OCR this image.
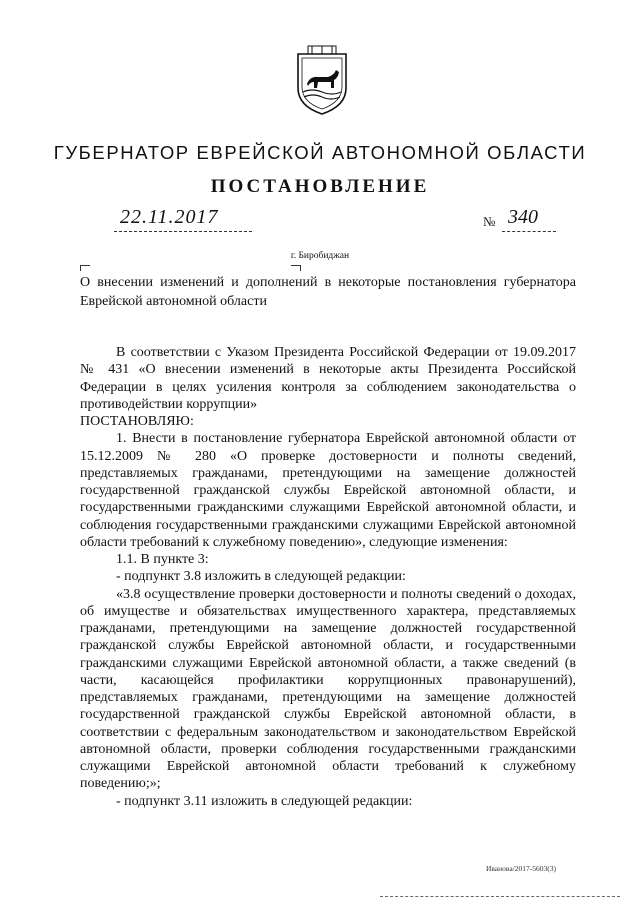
ГУБЕРНАТОР ЕВРЕЙСКОЙ АВТОНОМНОЙ ОБЛАСТИ
ПОСТАНОВЛЕНИЕ
22.11.2017	№ 340
г. Биробиджан
О внесении изменений и дополнений в некоторые постановления губернатора Еврейской автономной области

В соответствии с Указом Президента Российской Федерации от 19.09.2017 № 431 «О внесении изменений в некоторые акты Президента Российской Федерации в целях усиления контроля за соблюдением законодательства о противодействии коррупции»

ПОСТАНОВЛЯЮ:

1. Внести в постановление губернатора Еврейской автономной области от 15.12.2009 № 280 «О проверке достоверности и полноты сведений, представляемых гражданами, претендующими на замещение должностей государственной гражданской службы Еврейской автономной области, и государственными гражданскими служащими Еврейской автономной области, и соблюдения государственными гражданскими служащими Еврейской автономной области требований к служебному поведению», следующие изменения:

1.1. В пункте 3:

- подпункт 3.8 изложить в следующей редакции:

«3.8 осуществление проверки достоверности и полноты сведений о доходах, об имуществе и обязательствах имущественного характера, представляемых гражданами, претендующими на замещение должностей государственной гражданской службы Еврейской автономной области, и государственными гражданскими служащими Еврейской автономной области, а также сведений (в части, касающейся профилактики коррупционных правонарушений), представляемых гражданами, претендующими на замещение должностей государственной гражданской службы Еврейской автономной области, в соответствии с федеральным законодательством и законодательством Еврейской автономной области, проверки соблюдения государственными гражданскими служащими Еврейской автономной области требований к служебному поведению;»;

- подпункт 3.11 изложить в следующей редакции:

Иванова/2017-5603(3)
